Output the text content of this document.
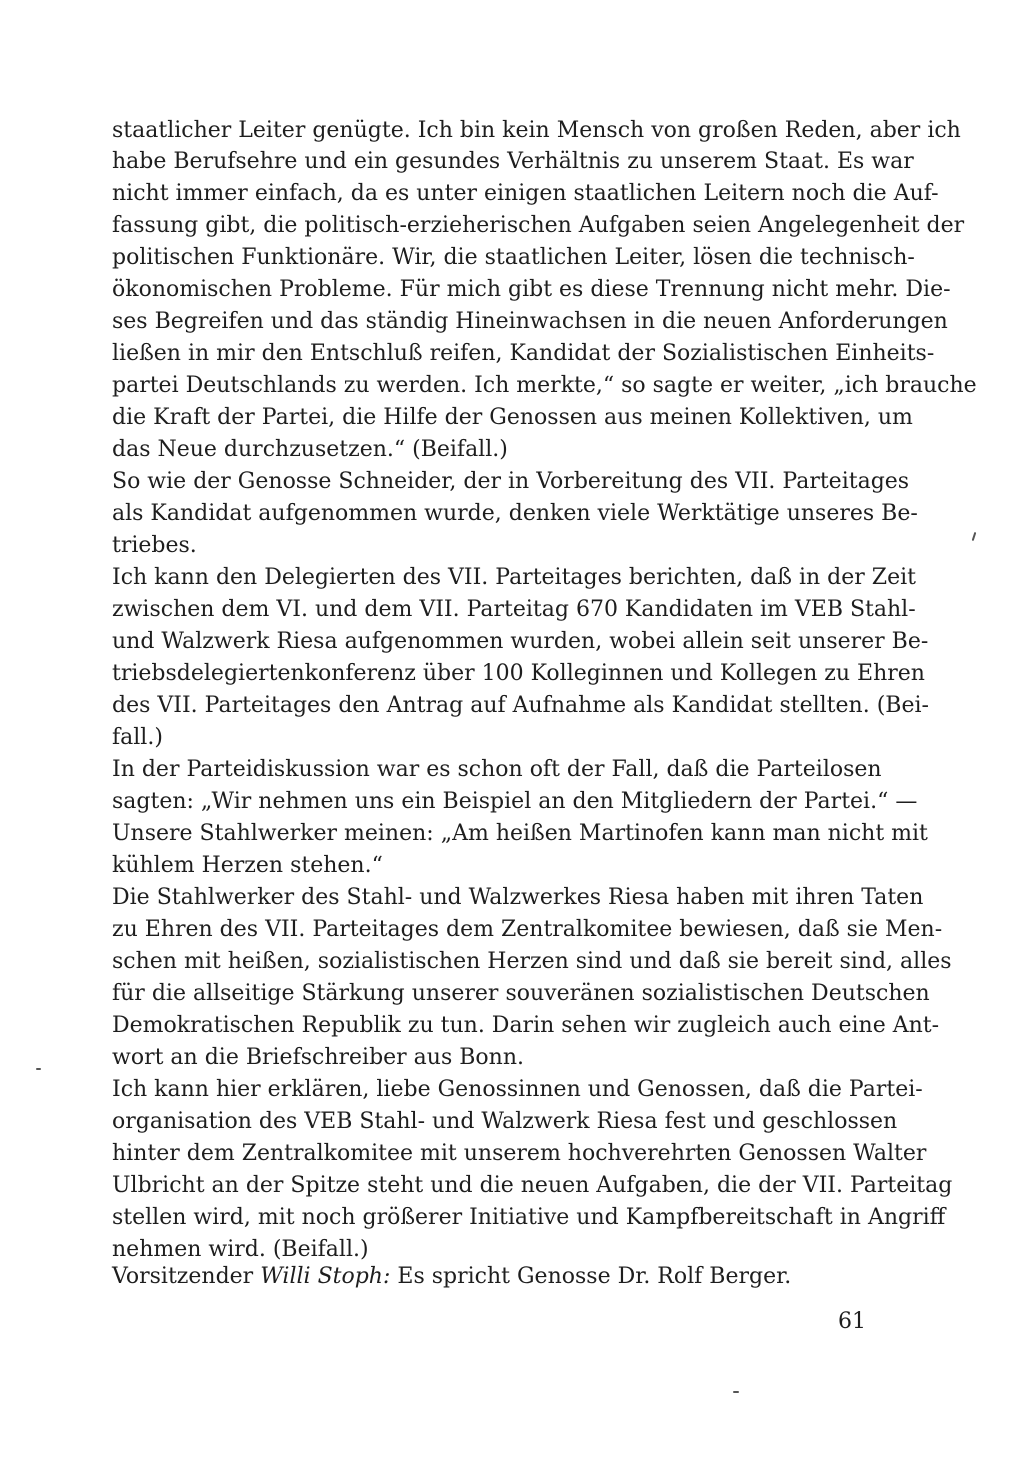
staatlicher Leiter genügte. Ich bin kein Mensch von großen Reden, aber ich
habe Berufsehre und ein gesundes Verhältnis zu unserem Staat. Es war
nicht immer einfach, da es unter einigen staatlichen Leitern noch die Auf-
fassung gibt, die politisch-erzieherischen Aufgaben seien Angelegenheit der
politischen Funktionäre. Wir, die staatlichen Leiter, lösen die technisch-
ökonomischen Probleme. Für mich gibt es diese Trennung nicht mehr. Die-
ses Begreifen und das ständig Hineinwachsen in die neuen Anforderungen
ließen in mir den Entschluß reifen, Kandidat der Sozialistischen Einheits-
partei Deutschlands zu werden. Ich merkte,“ so sagte er weiter, „ich brauche
die Kraft der Partei, die Hilfe der Genossen aus meinen Kollektiven, um
das Neue durchzusetzen.“ (Beifall.)
So wie der Genosse Schneider, der in Vorbereitung des VII. Parteitages
als Kandidat aufgenommen wurde, denken viele Werktätige unseres Be-
triebes.
Ich kann den Delegierten des VII. Parteitages berichten, daß in der Zeit
zwischen dem VI. und dem VII. Parteitag 670 Kandidaten im VEB Stahl-
und Walzwerk Riesa aufgenommen wurden, wobei allein seit unserer Be-
triebsdelegiertenkonferenz über 100 Kolleginnen und Kollegen zu Ehren
des VII. Parteitages den Antrag auf Aufnahme als Kandidat stellten. (Bei-
fall.)
In der Parteidiskussion war es schon oft der Fall, daß die Parteilosen
sagten: „Wir nehmen uns ein Beispiel an den Mitgliedern der Partei.“ —
Unsere Stahlwerker meinen: „Am heißen Martinofen kann man nicht mit
kühlem Herzen stehen.“
Die Stahlwerker des Stahl- und Walzwerkes Riesa haben mit ihren Taten
zu Ehren des VII. Parteitages dem Zentralkomitee bewiesen, daß sie Men-
schen mit heißen, sozialistischen Herzen sind und daß sie bereit sind, alles
für die allseitige Stärkung unserer souveränen sozialistischen Deutschen
Demokratischen Republik zu tun. Darin sehen wir zugleich auch eine Ant-
wort an die Briefschreiber aus Bonn.
Ich kann hier erklären, liebe Genossinnen und Genossen, daß die Partei-
organisation des VEB Stahl- und Walzwerk Riesa fest und geschlossen
hinter dem Zentralkomitee mit unserem hochverehrten Genossen Walter
Ulbricht an der Spitze steht und die neuen Aufgaben, die der VII. Parteitag
stellen wird, mit noch größerer Initiative und Kampfbereitschaft in Angriff
nehmen wird. (Beifall.)
Vorsitzender Willi Stoph: Es spricht Genosse Dr. Rolf Berger.
61
